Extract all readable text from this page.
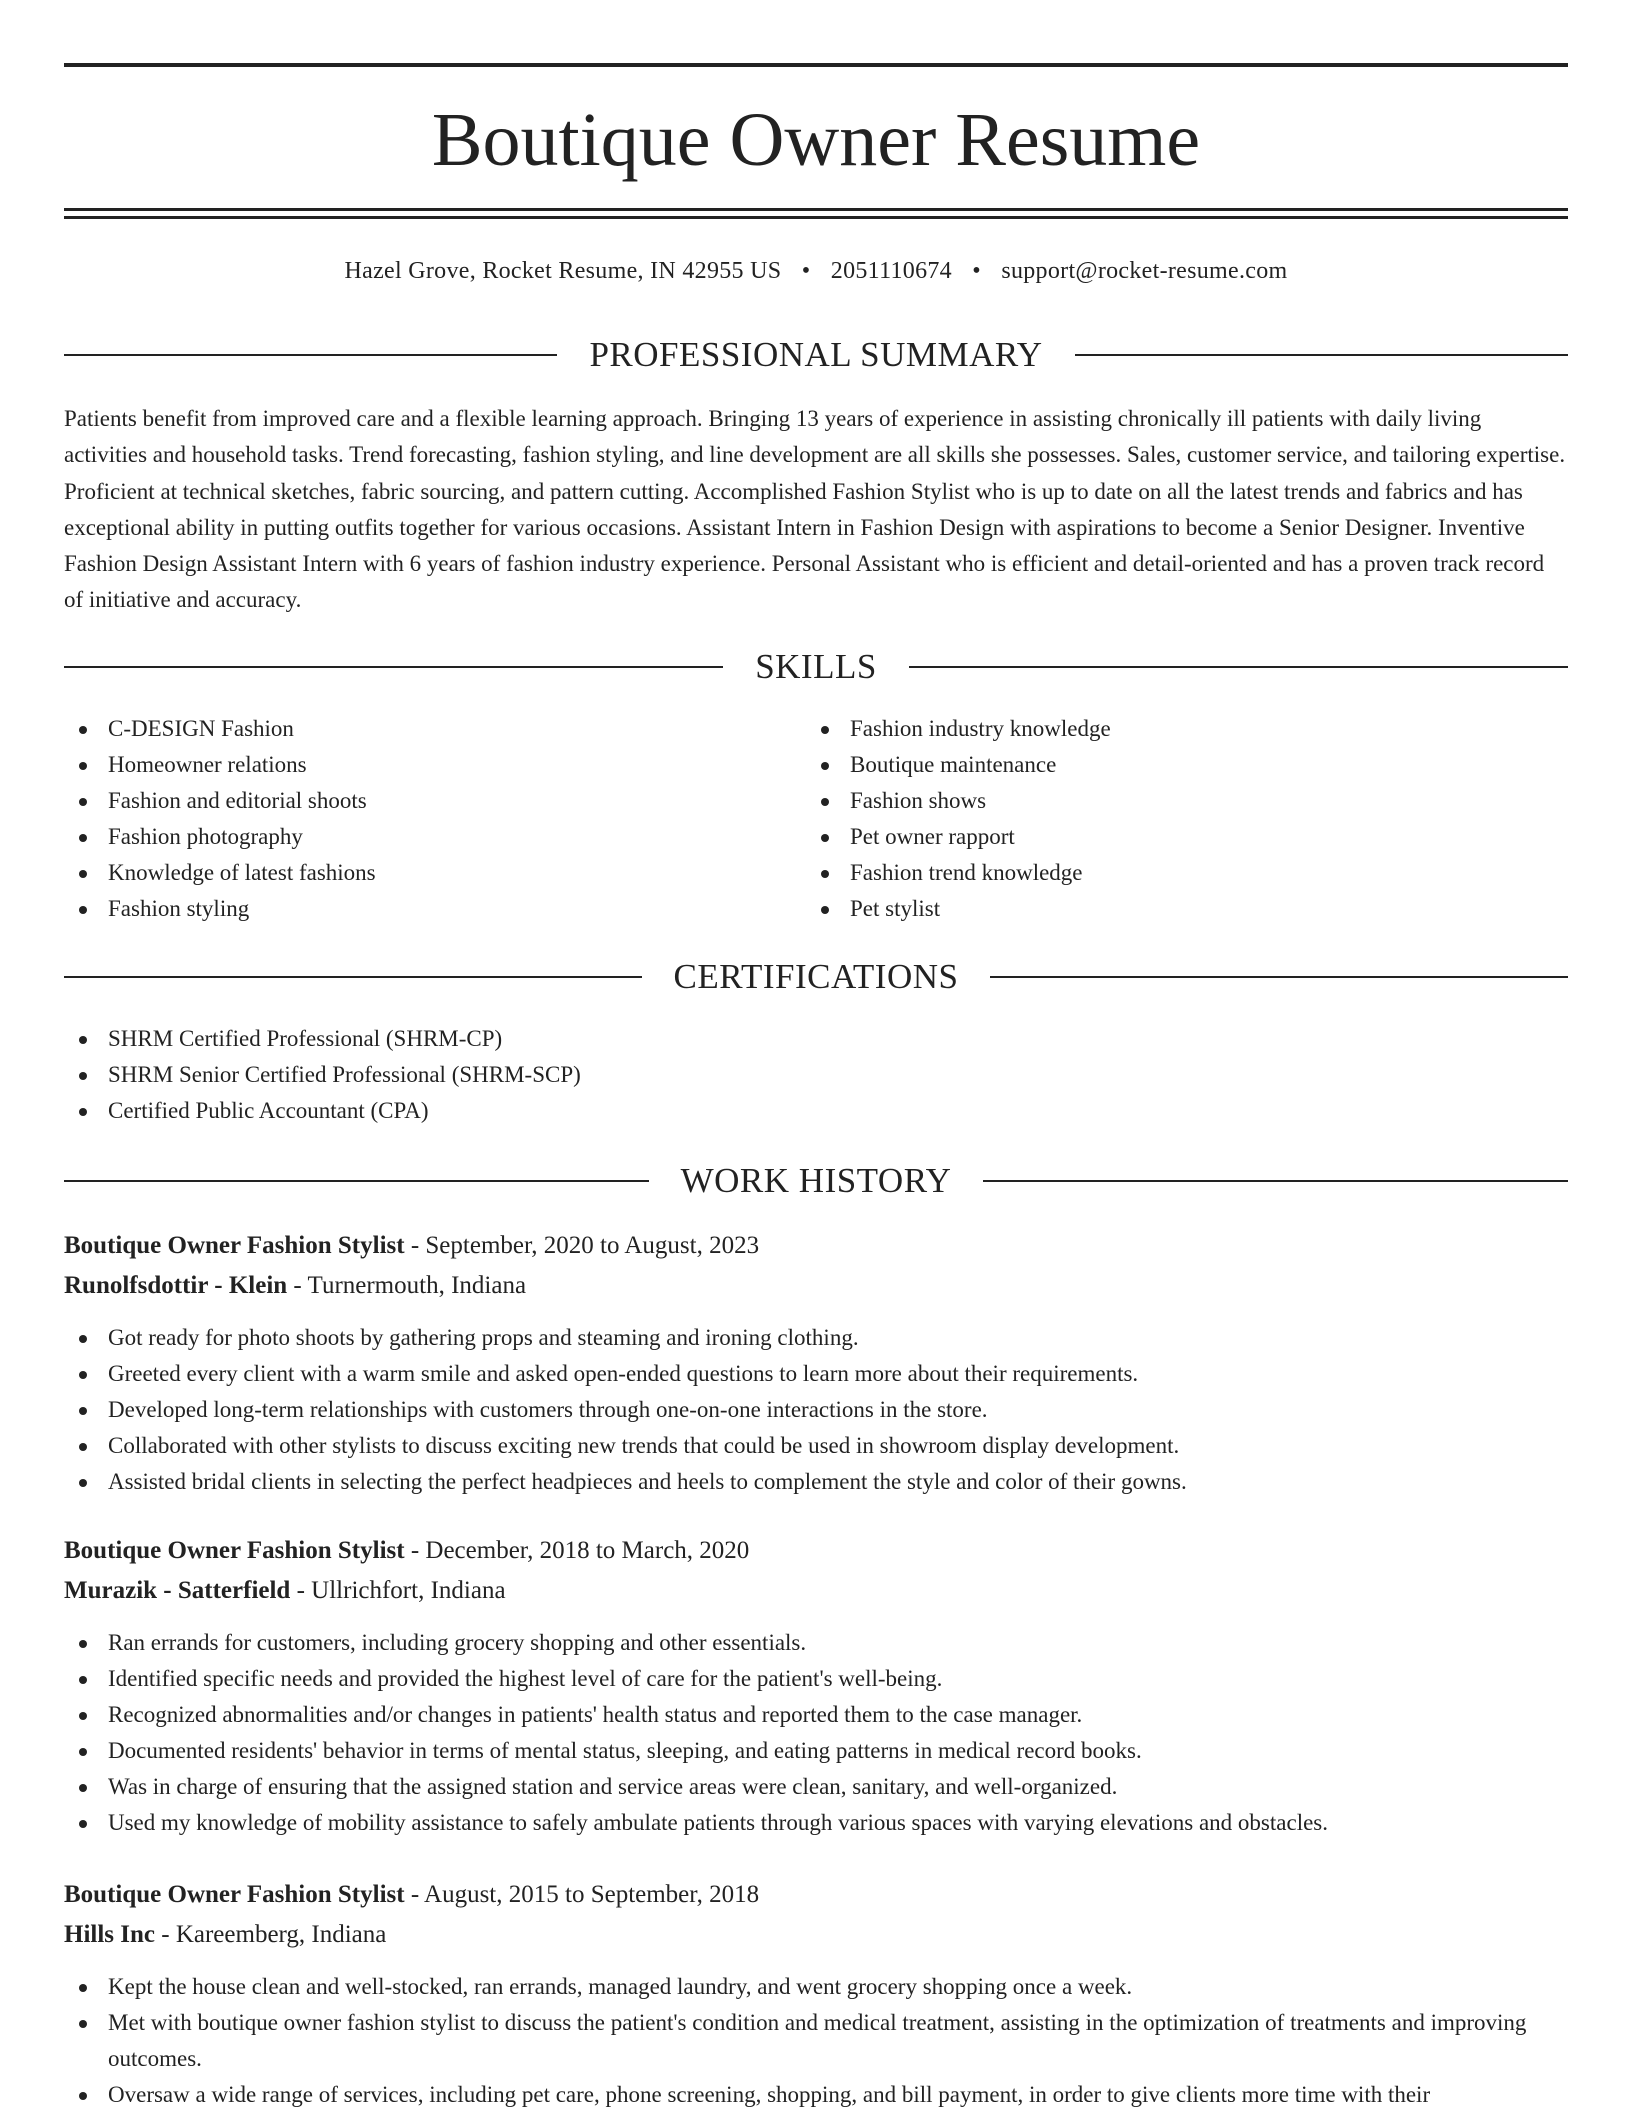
Boutique Owner Resume
Hazel Grove, Rocket Resume, IN 42955 US • 2051110674 • support@rocket-resume.com
PROFESSIONAL SUMMARY

Patients benefit from improved care and a flexible learning approach. Bringing 13 years of experience in assisting chronically ill patients with daily living activities and household tasks. Trend forecasting, fashion styling, and line development are all skills she possesses. Sales, customer service, and tailoring expertise. Proficient at technical sketches, fabric sourcing, and pattern cutting. Accomplished Fashion Stylist who is up to date on all the latest trends and fabrics and has exceptional ability in putting outfits together for various occasions. Assistant Intern in Fashion Design with aspirations to become a Senior Designer. Inventive Fashion Design Assistant Intern with 6 years of fashion industry experience. Personal Assistant who is efficient and detail-oriented and has a proven track record of initiative and accuracy.

SKILLS
C-DESIGN Fashion
Homeowner relations
Fashion and editorial shoots
Fashion photography
Knowledge of latest fashions
Fashion styling
Fashion industry knowledge
Boutique maintenance
Fashion shows
Pet owner rapport
Fashion trend knowledge
Pet stylist
CERTIFICATIONS
SHRM Certified Professional (SHRM-CP)
SHRM Senior Certified Professional (SHRM-SCP)
Certified Public Accountant (CPA)
WORK HISTORY

Boutique Owner Fashion Stylist - September, 2020 to August, 2023

Runolfsdottir - Klein - Turnermouth, Indiana

Got ready for photo shoots by gathering props and steaming and ironing clothing.
Greeted every client with a warm smile and asked open-ended questions to learn more about their requirements.
Developed long-term relationships with customers through one-on-one interactions in the store.
Collaborated with other stylists to discuss exciting new trends that could be used in showroom display development.
Assisted bridal clients in selecting the perfect headpieces and heels to complement the style and color of their gowns.

Boutique Owner Fashion Stylist - December, 2018 to March, 2020

Murazik - Satterfield - Ullrichfort, Indiana

Ran errands for customers, including grocery shopping and other essentials.
Identified specific needs and provided the highest level of care for the patient's well-being.
Recognized abnormalities and/or changes in patients' health status and reported them to the case manager.
Documented residents' behavior in terms of mental status, sleeping, and eating patterns in medical record books.
Was in charge of ensuring that the assigned station and service areas were clean, sanitary, and well-organized.
Used my knowledge of mobility assistance to safely ambulate patients through various spaces with varying elevations and obstacles.

Boutique Owner Fashion Stylist - August, 2015 to September, 2018

Hills Inc - Kareemberg, Indiana

Kept the house clean and well-stocked, ran errands, managed laundry, and went grocery shopping once a week.
Met with boutique owner fashion stylist to discuss the patient's condition and medical treatment, assisting in the optimization of treatments and improving outcomes.
Oversaw a wide range of services, including pet care, phone screening, shopping, and bill payment, in order to give clients more time with their
